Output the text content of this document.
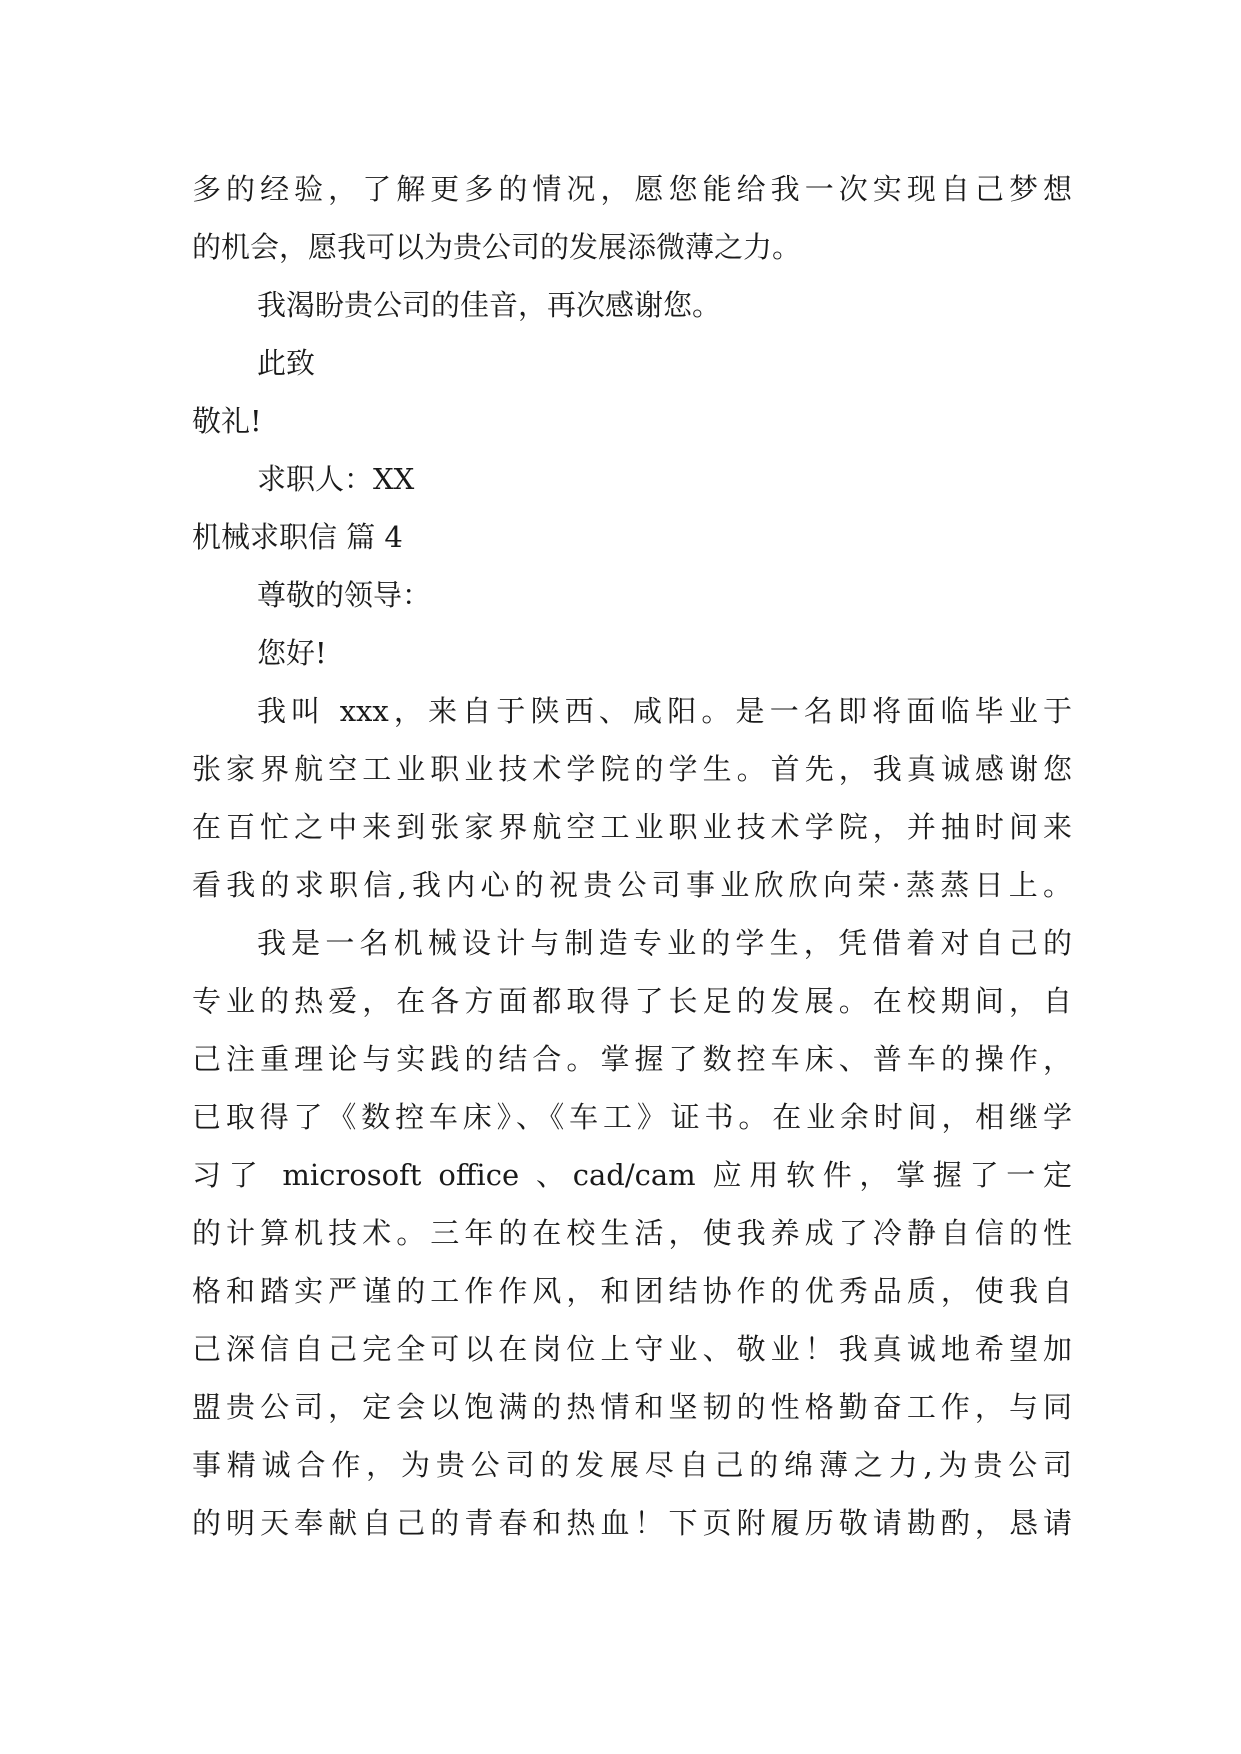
多的经验，了解更多的情况，愿您能给我一次实现自己梦想
的机会，愿我可以为贵公司的发展添微薄之力。
我渴盼贵公司的佳音，再次感谢您。
此致
敬礼!
求职人：XX
机械求职信 篇 4
尊敬的领导：
您好!
我叫 xxx，来自于陕西、咸阳。是一名即将面临毕业于
张家界航空工业职业技术学院的学生。首先，我真诚感谢您
在百忙之中来到张家界航空工业职业技术学院，并抽时间来
看我的求职信,我内心的祝贵公司事业欣欣向荣·蒸蒸日上。
我是一名机械设计与制造专业的学生，凭借着对自己的
专业的热爱，在各方面都取得了长足的发展。在校期间，自
己注重理论与实践的结合。掌握了数控车床、普车的操作，
已取得了《数控车床》、《车工》证书。在业余时间，相继学
习了 microsoft office 、cad/cam 应用软件，掌握了一定
的计算机技术。三年的在校生活，使我养成了冷静自信的性
格和踏实严谨的工作作风，和团结协作的优秀品质，使我自
己深信自己完全可以在岗位上守业、敬业！我真诚地希望加
盟贵公司，定会以饱满的热情和坚韧的性格勤奋工作，与同
事精诚合作，为贵公司的发展尽自己的绵薄之力,为贵公司
的明天奉献自己的青春和热血！下页附履历敬请勘酌，恳请
